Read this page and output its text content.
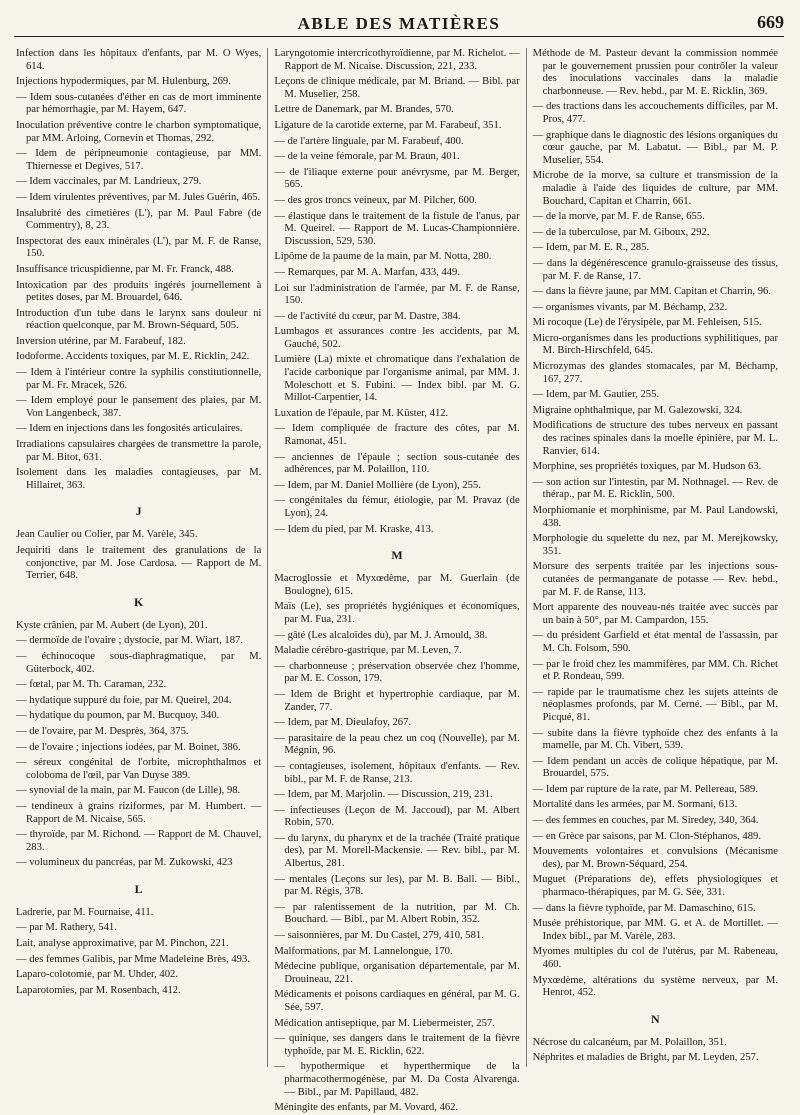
ABLE DES MATIÈRES	669
Infection dans les hôpitaux d'enfants, par M. O Wyes, 614.
Injections hypodermiques, par M. Hulenburg, 269.
— Idem sous-cutanées d'éther en cas de mort imminente par hémorrhagie, par M. Hayem, 647.
Inoculation préventive contre le charbon symptomatique, par MM. Arloing, Cornevin et Thomas, 292.
— Idem de péripneumonie contagieuse, par MM. Thiernesse et Degives, 517.
— Idem vaccinales, par M. Landrieux, 279.
— Idem virulentes préventives, par M. Jules Guérin, 465.
Insalubrité des cimetières (L'), par M. Paul Fabre (de Commentry), 8, 23.
Inspectorat des eaux minérales (L'), par M. F. de Ranse, 150.
Insuffisance tricuspidienne, par M. Fr. Franck, 488.
Intoxication par des produits ingérés journellement à petites doses, par M. Brouardel, 646.
Introduction d'un tube dans le larynx sans douleur ni réaction quelconque, par M. Brown-Séquard, 505.
Inversion utérine, par M. Farabeuf, 182.
Iodoforme. Accidents toxiques, par M. E. Ricklin, 242.
— Idem à l'intérieur contre la syphilis constitutionnelle, par M. Fr. Mracek, 526.
— Idem employé pour le pansement des plaies, par M. Von Langenbeck, 387.
— Idem en injections dans les fongosités articulaires.
Irradiations capsulaires chargées de transmettre la parole, par M. Bitot, 631.
Isolement dans les maladies contagieuses, par M. Hillairet, 363.
J
Jean Caulier ou Colier, par M. Varèle, 345.
Jequiriti dans le traitement des granulations de la conjonctive, par M. Jose Cardosa. — Rapport de M. Terrier, 648.
K
Kyste crânien, par M. Aubert (de Lyon), 201.
— dermoïde de l'ovaire ; dystocie, par M. Wiart, 187.
— échinocoque sous-diaphragmatique, par M. Güterbock, 402.
— fœtal, par M. Th. Caraman, 232.
— hydatique suppuré du foie, par M. Queirel, 204.
— hydatique du poumon, par M. Bucquoy, 340.
— de l'ovaire, par M. Desprès, 364, 375.
— de l'ovaire ; injections iodées, par M. Boinet, 386.
— séreux congénital de l'orbite, microphthalmos et coloboma de l'œil, par Van Duyse 389.
— synovial de la main, par M. Faucon (de Lille), 98.
— tendineux à grains riziformes, par M. Humbert. — Rapport de M. Nicaise, 565.
— thyroïde, par M. Richond. — Rapport de M. Chauvel, 283.
— volumineux du pancréas, par M. Zukowski, 423
L
Ladrerie, par M. Fournaise, 411.
— par M. Rathery, 541.
Lait, analyse approximative, par M. Pinchon, 221.
— des femmes Galibis, par Mme Madeleine Brès, 493.
Laparo-colotomie, par M. Uhder, 402.
Laparotomies, par M. Rosenbach, 412.
Laryngotomie intercricothyroïdienne, par M. Richelot. — Rapport de M. Nicaise. Discussion, 221, 233.
Leçons de clinique médicale, par M. Briand. — Bibl. par M. Muselier, 258.
Lettre de Danemark, par M. Brandes, 570.
Ligature de la carotide externe, par M. Farabeuf, 351.
— de l'artère linguale, par M. Farabeuf, 400.
— de la veine fémorale, par M. Braun, 401.
— de l'iliaque externe pour anévrysme, par M. Berger, 565.
— des gros troncs veineux, par M. Pilcher, 600.
— élastique dans le traitement de la fistule de l'anus, par M. Queirel. — Rapport de M. Lucas-Championnière. Discussion, 529, 530.
Lipôme de la paume de la main, par M. Notta, 280.
— Remarques, par M. A. Marfan, 433, 449.
Loi sur l'administration de l'armée, par M. F. de Ranse, 150.
— de l'activité du cœur, par M. Dastre, 384.
Lumbagos et assurances contre les accidents, par M. Gauché, 502.
Lumière (La) mixte et chromatique dans l'exhalation de l'acide carbonique par l'organisme animal, par MM. J. Moleschott et S. Fubini. — Index bibl. par M. G. Millot-Carpentier, 14.
Luxation de l'épaule, par M. Küster, 412.
— Idem compliquée de fracture des côtes, par M. Ramonat, 451.
— anciennes de l'épaule ; section sous-cutanée des adhérences, par M. Polaillon, 110.
— Idem, par M. Daniel Mollière (de Lyon), 255.
— congénitales du fémur, étiologie, par M. Pravaz (de Lyon), 24.
— Idem du pied, par M. Kraske, 413.
M
Macroglossie et Myxœdème, par M. Guerlain (de Boulogne), 615.
Maïs (Le), ses propriétés hygiéniques et économiques, par M. Fua, 231.
— gâté (Les alcaloïdes du), par M. J. Arnould, 38.
Maladie cérébro-gastrique, par M. Leven, 7.
— charbonneuse ; préservation observée chez l'homme, par M. E. Cosson, 179.
— Idem de Bright et hypertrophie cardiaque, par M. Zander, 77.
— Idem, par M. Dieulafoy, 267.
— parasitaire de la peau chez un coq (Nouvelle), par M. Mégnin, 96.
— contagieuses, isolement, hôpitaux d'enfants. — Rev. bibl., par M. F. de Ranse, 213.
— Idem, par M. Marjolin. — Discussion, 219, 231.
— infectieuses (Leçon de M. Jaccoud), par M. Albert Robin, 570.
— du larynx, du pharynx et de la trachée (Traité pratique des), par M. Morell-Mackensie. — Rev. bibl., par M. Albertus, 281.
— mentales (Leçons sur les), par M. B. Ball. — Bibl., par M. Régis, 378.
— par ralentissement de la nutrition, par M. Ch. Bouchard. — Bibl., par M. Albert Robin, 352.
— saisonnières, par M. Du Castel, 279, 410, 581.
Malformations, par M. Lannelongue, 170.
Médecine publique, organisation départementale, par M. Drouineau, 221.
Médicaments et poisons cardiaques en général, par M. G. Sée, 597.
Médication antiseptique, par M. Liebermeister, 257.
— quinique, ses dangers dans le traitement de la fièvre typhoïde, par M. E. Ricklin, 622.
— hypothermique et hyperthermique de la pharmacothermogénèse, par M. Da Costa Alvarenga. — Bibl., par M. Papillaud, 482.
Méningite des enfants, par M. Vovard, 462.
Méthode de M. Pasteur devant la commission nommée par le gouvernement prussien pour contrôler la valeur des inoculations vaccinales dans la maladie charbonneuse. — Rev. hebd., par M. E. Ricklin, 369.
— des tractions dans les accouchements difficiles, par M. Pros, 477.
— graphique dans le diagnostic des lésions organiques du cœur gauche, par M. Labatut. — Bibl., par M. P. Muselier, 554.
Microbe de la morve, sa culture et transmission de la maladie à l'aide des liquides de culture, par MM. Bouchard, Capitan et Charrin, 661.
— de la morve, par M. F. de Ranse, 655.
— de la tuberculose, par M. Giboux, 292.
— Idem, par M. E. R., 285.
— dans la dégénérescence granulo-graisseuse des tissus, par M. F. de Ranse, 17.
— dans la fièvre jaune, par MM. Capitan et Charrin, 96.
— organismes vivants, par M. Béchamp, 232.
Mi rocoque (Le) de l'érysipèle, par M. Fehleisen, 515.
Micro-organismes dans les productions syphilitiques, par M. Birch-Hirschfeld, 645.
Microzymas des glandes stomacales, par M. Béchamp, 167, 277.
— Idem, par M. Gautier, 255.
Migraine ophthalmique, par M. Galezowski, 324.
Modifications de structure des tubes nerveux en passant des racines spinales dans la moelle épinière, par M. L. Ranvier, 614.
Morphine, ses propriétés toxiques, par M. Hudson 63.
— son action sur l'intestin, par M. Nothnagel. — Rev. de thérap., par M. E. Ricklin, 500.
Morphiomanie et morphinisme, par M. Paul Landowski, 438.
Morphologie du squelette du nez, par M. Merejkowsky, 351.
Morsure des serpents traitée par les injections sous-cutanées de permanganate de potasse — Rev. hebd., par M. F. de Ranse, 113.
Mort apparente des nouveau-nés traitée avec succès par un bain à 50°, par M. Campardon, 155.
— du président Garfield et état mental de l'assassin, par M. Ch. Folsom, 590.
— par le froid chez les mammifères, par MM. Ch. Richet et P. Rondeau, 599.
— rapide par le traumatisme chez les sujets atteints de néoplasmes profonds, par M. Cerné. — Bibl., par M. Picqué, 81.
— subite dans la fièvre typhoïde chez des enfants à la mamelle, par M. Ch. Vibert, 539.
— Idem pendant un accès de colique hépatique, par M. Brouardel, 575.
— Idem par rupture de la rate, par M. Pellereau, 589.
Mortalité dans les armées, par M. Sormani, 613.
— des femmes en couches, par M. Siredey, 340, 364.
— en Grèce par saisons, par M. Clon-Stéphanos, 489.
Mouvements volontaires et convulsions (Mécanisme des), par M. Brown-Séquard, 254.
Muguet (Préparations de), effets physiologiques et pharmaco-thérapiques, par M. G. Sée, 331.
— dans la fièvre typhoïde, par M. Damaschino, 615.
Musée préhistorique, par MM. G. et A. de Mortillet. — Index bibl., par M. Varèle, 283.
Myomes multiples du col de l'utérus, par M. Rabeneau, 460.
Myxœdème, altérations du système nerveux, par M. Henrot, 452.
N
Nécrose du calcanéum, par M. Polaillon, 351.
Néphrites et maladies de Bright, par M. Leyden, 257.
